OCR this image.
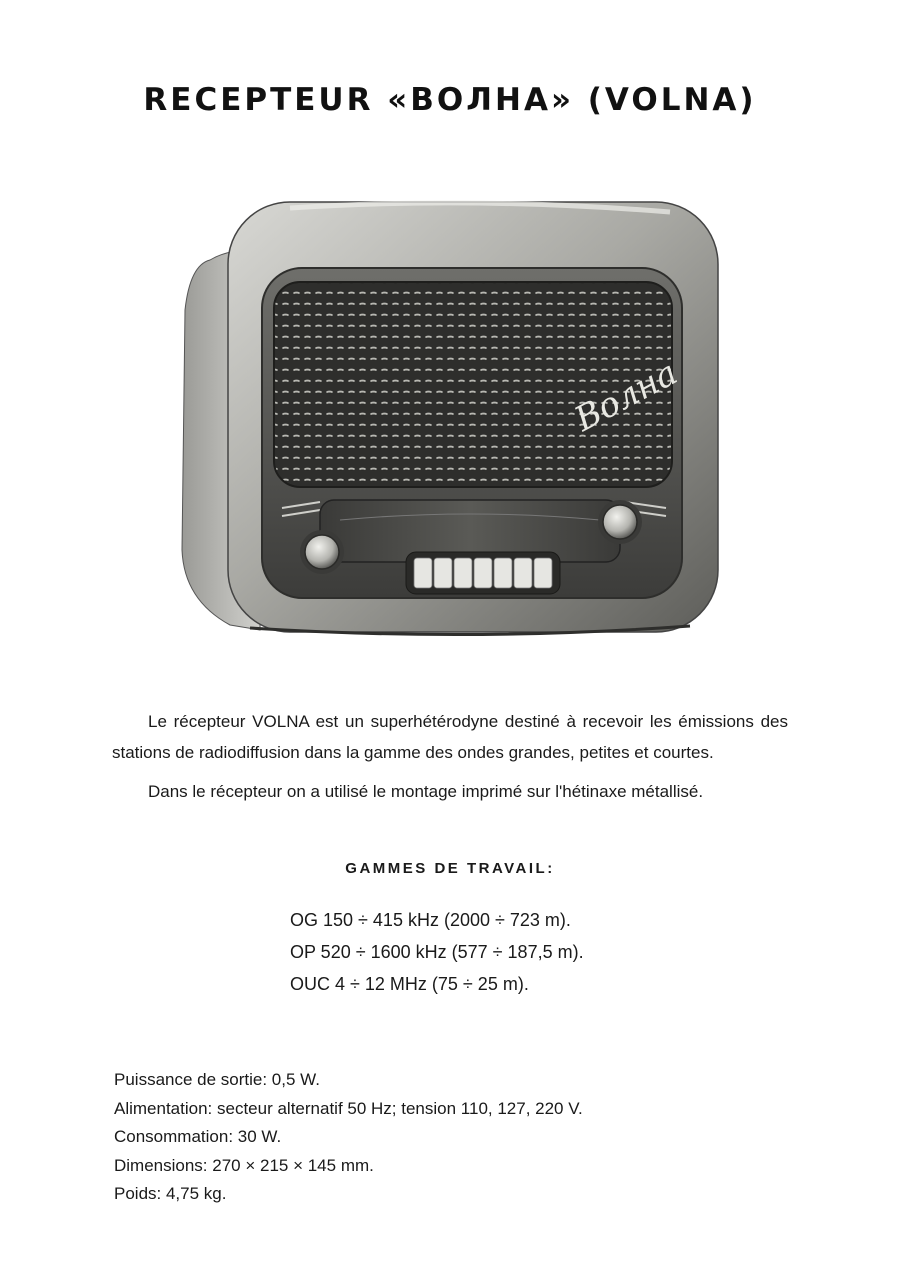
RECEPTEUR «ВОЛНА» (VOLNA)
Волна

Le récepteur VOLNA est un superhétérodyne destiné à recevoir les émissions des stations de radiodiffusion dans la gamme des ondes grandes, petites et courtes.

Dans le récepteur on a utilisé le montage imprimé sur l'hétinaxe métallisé.

GAMMES DE TRAVAIL:
OG 150 ÷ 415 kHz (2000 ÷ 723 m).
OP 520 ÷ 1600 kHz (577 ÷ 187,5 m).
OUC 4 ÷ 12 MHz (75 ÷ 25 m).
Puissance de sortie: 0,5 W.
Alimentation: secteur alternatif 50 Hz; tension 110, 127, 220 V.
Consommation: 30 W.
Dimensions: 270 × 215 × 145 mm.
Poids: 4,75 kg.
